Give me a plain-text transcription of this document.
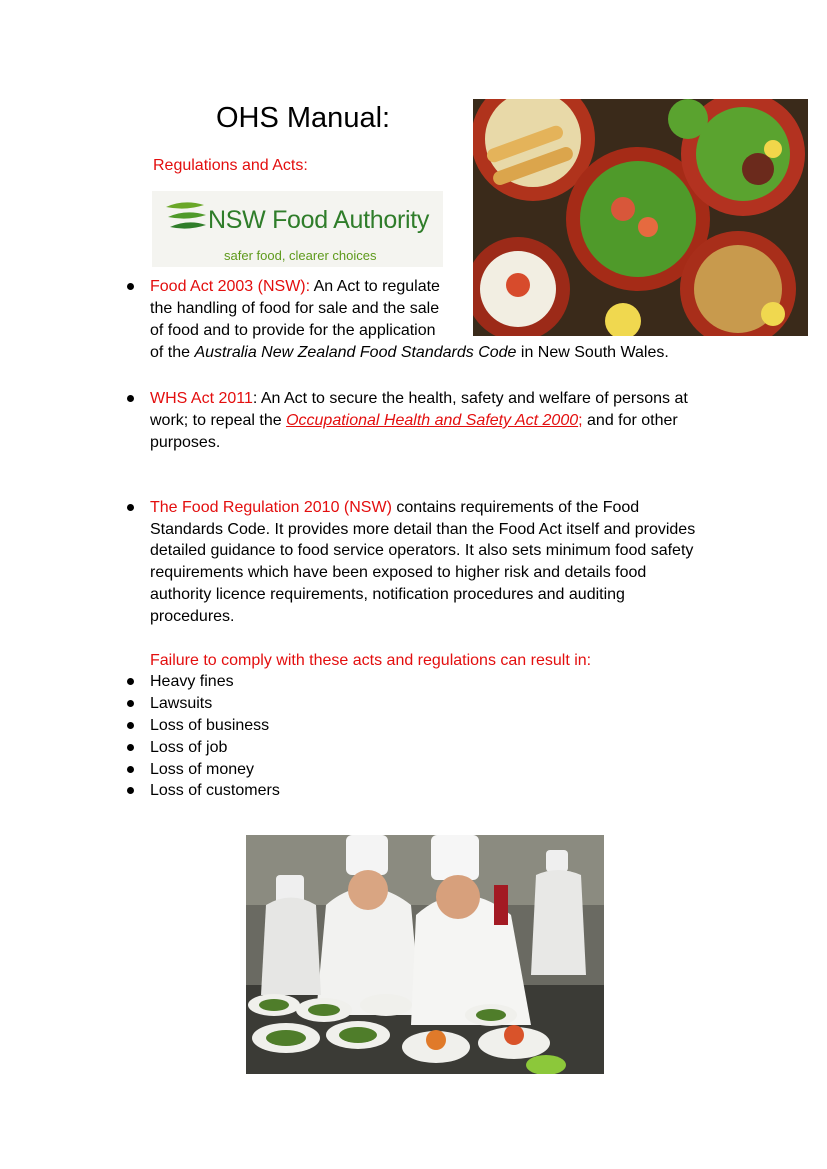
OHS Manual:
Regulations and Acts:
NSW Food Authority
safer food, clearer choices
Food Act 2003 (NSW): An Act to regulate
the handling of food for sale and the sale
of food and to provide for the application
of the Australia New Zealand Food Standards Code in New South Wales.
WHS Act 2011: An Act to secure the health, safety and welfare of persons at
work; to repeal the Occupational Health and Safety Act 2000; and for other
purposes.
The Food Regulation 2010 (NSW) contains requirements of the Food
Standards Code. It provides more detail than the Food Act itself and provides
detailed guidance to food service operators. It also sets minimum food safety
requirements which have been exposed to higher risk and details food
authority licence requirements, notification procedures and auditing
procedures.
Failure to comply with these acts and regulations can result in:
Heavy fines
Lawsuits
Loss of business
Loss of job
Loss of money
Loss of customers
